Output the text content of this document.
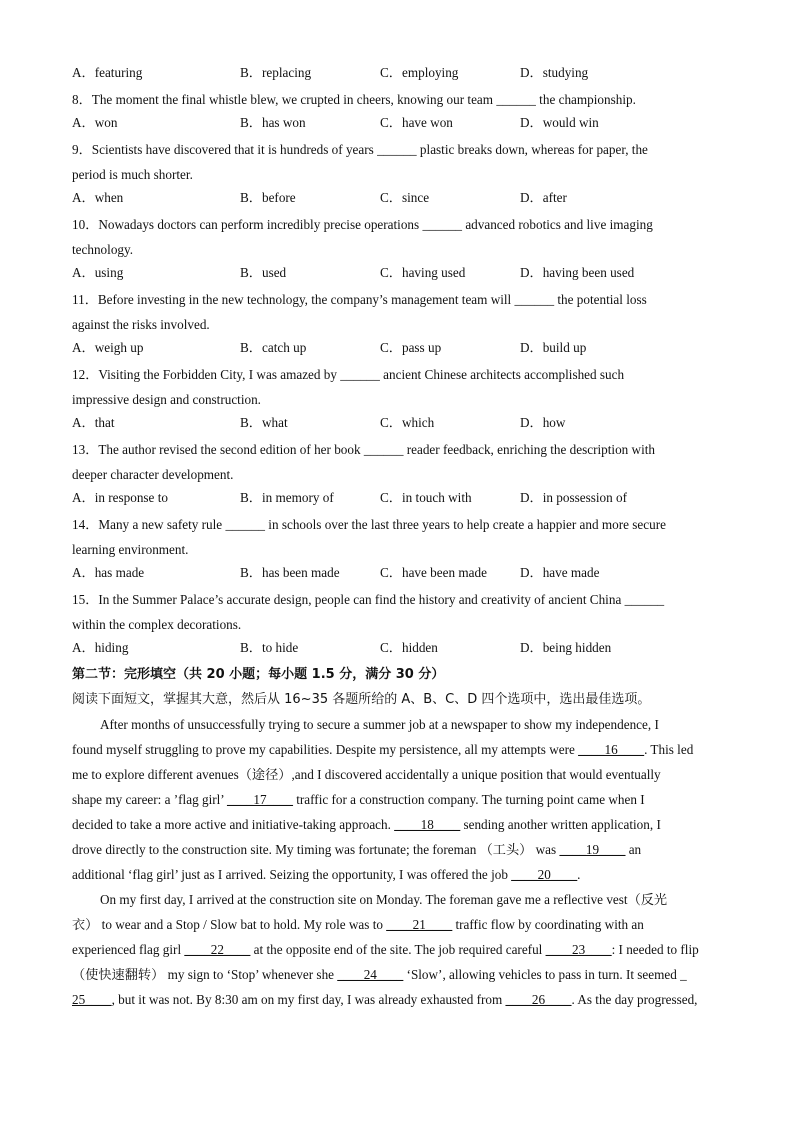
A．featuring	B．replacing	C．employing	D．studying
8．The moment the final whistle blew, we crupted in cheers, knowing our team ______ the championship.
A．won	B．has won	C．have won	D．would win
9．Scientists have discovered that it is hundreds of years ______ plastic breaks down, whereas for paper, the
period is much shorter.
A．when	B．before	C．since	D．after
10．Nowadays doctors can perform incredibly precise operations ______ advanced robotics and live imaging
technology.
A．using	B．used	C．having used	D．having been used
11．Before investing in the new technology, the company’s management team will ______ the potential loss
against the risks involved.
A．weigh up	B．catch up	C．pass up	D．build up
12．Visiting the Forbidden City, I was amazed by ______ ancient Chinese architects accomplished such
impressive design and construction.
A．that	B．what	C．which	D．how
13．The author revised the second edition of her book ______ reader feedback, enriching the description with
deeper character development.
A．in response to	B．in memory of	C．in touch with	D．in possession of
14．Many a new safety rule ______ in schools over the last three years to help create a happier and more secure
learning environment.
A．has made	B．has been made	C．have been made	D．have made
15．In the Summer Palace’s accurate design, people can find the history and creativity of ancient China ______
within the complex decorations.
A．hiding	B．to hide	C．hidden	D．being hidden
第二节：完形填空（共 20 小题；每小题 1.5 分，满分 30 分）
阅读下面短文，掌握其大意，然后从 16~35 各题所给的 A、B、C、D 四个选项中，选出最佳选项。
After months of unsuccessfully trying to secure a summer job at a newspaper to show my independence, I
found myself struggling to prove my capabilities. Despite my persistence, all my attempts were ____16____. This led
me to explore different avenues（途径）,and I discovered accidentally a unique position that would eventually
shape my career: a ’flag girl’ ____17____ traffic for a construction company. The turning point came when I
decided to take a more active and initiative-taking approach. ____18____ sending another written application, I
drove directly to the construction site. My timing was fortunate; the foreman （工头） was ____19____ an
additional ‘flag girl’ just as I arrived. Seizing the opportunity, I was offered the job ____20____.
On my first day, I arrived at the construction site on Monday. The foreman gave me a reflective vest（反光
衣） to wear and a Stop / Slow bat to hold. My role was to ____21____ traffic flow by coordinating with an
experienced flag girl ____22____ at the opposite end of the site. The job required careful ____23____: I needed to flip
（使快速翻转） my sign to ‘Stop’ whenever she ____24____ ‘Slow’, allowing vehicles to pass in turn. It seemed _
25____, but it was not. By 8:30 am on my first day, I was already exhausted from ____26____. As the day progressed,
